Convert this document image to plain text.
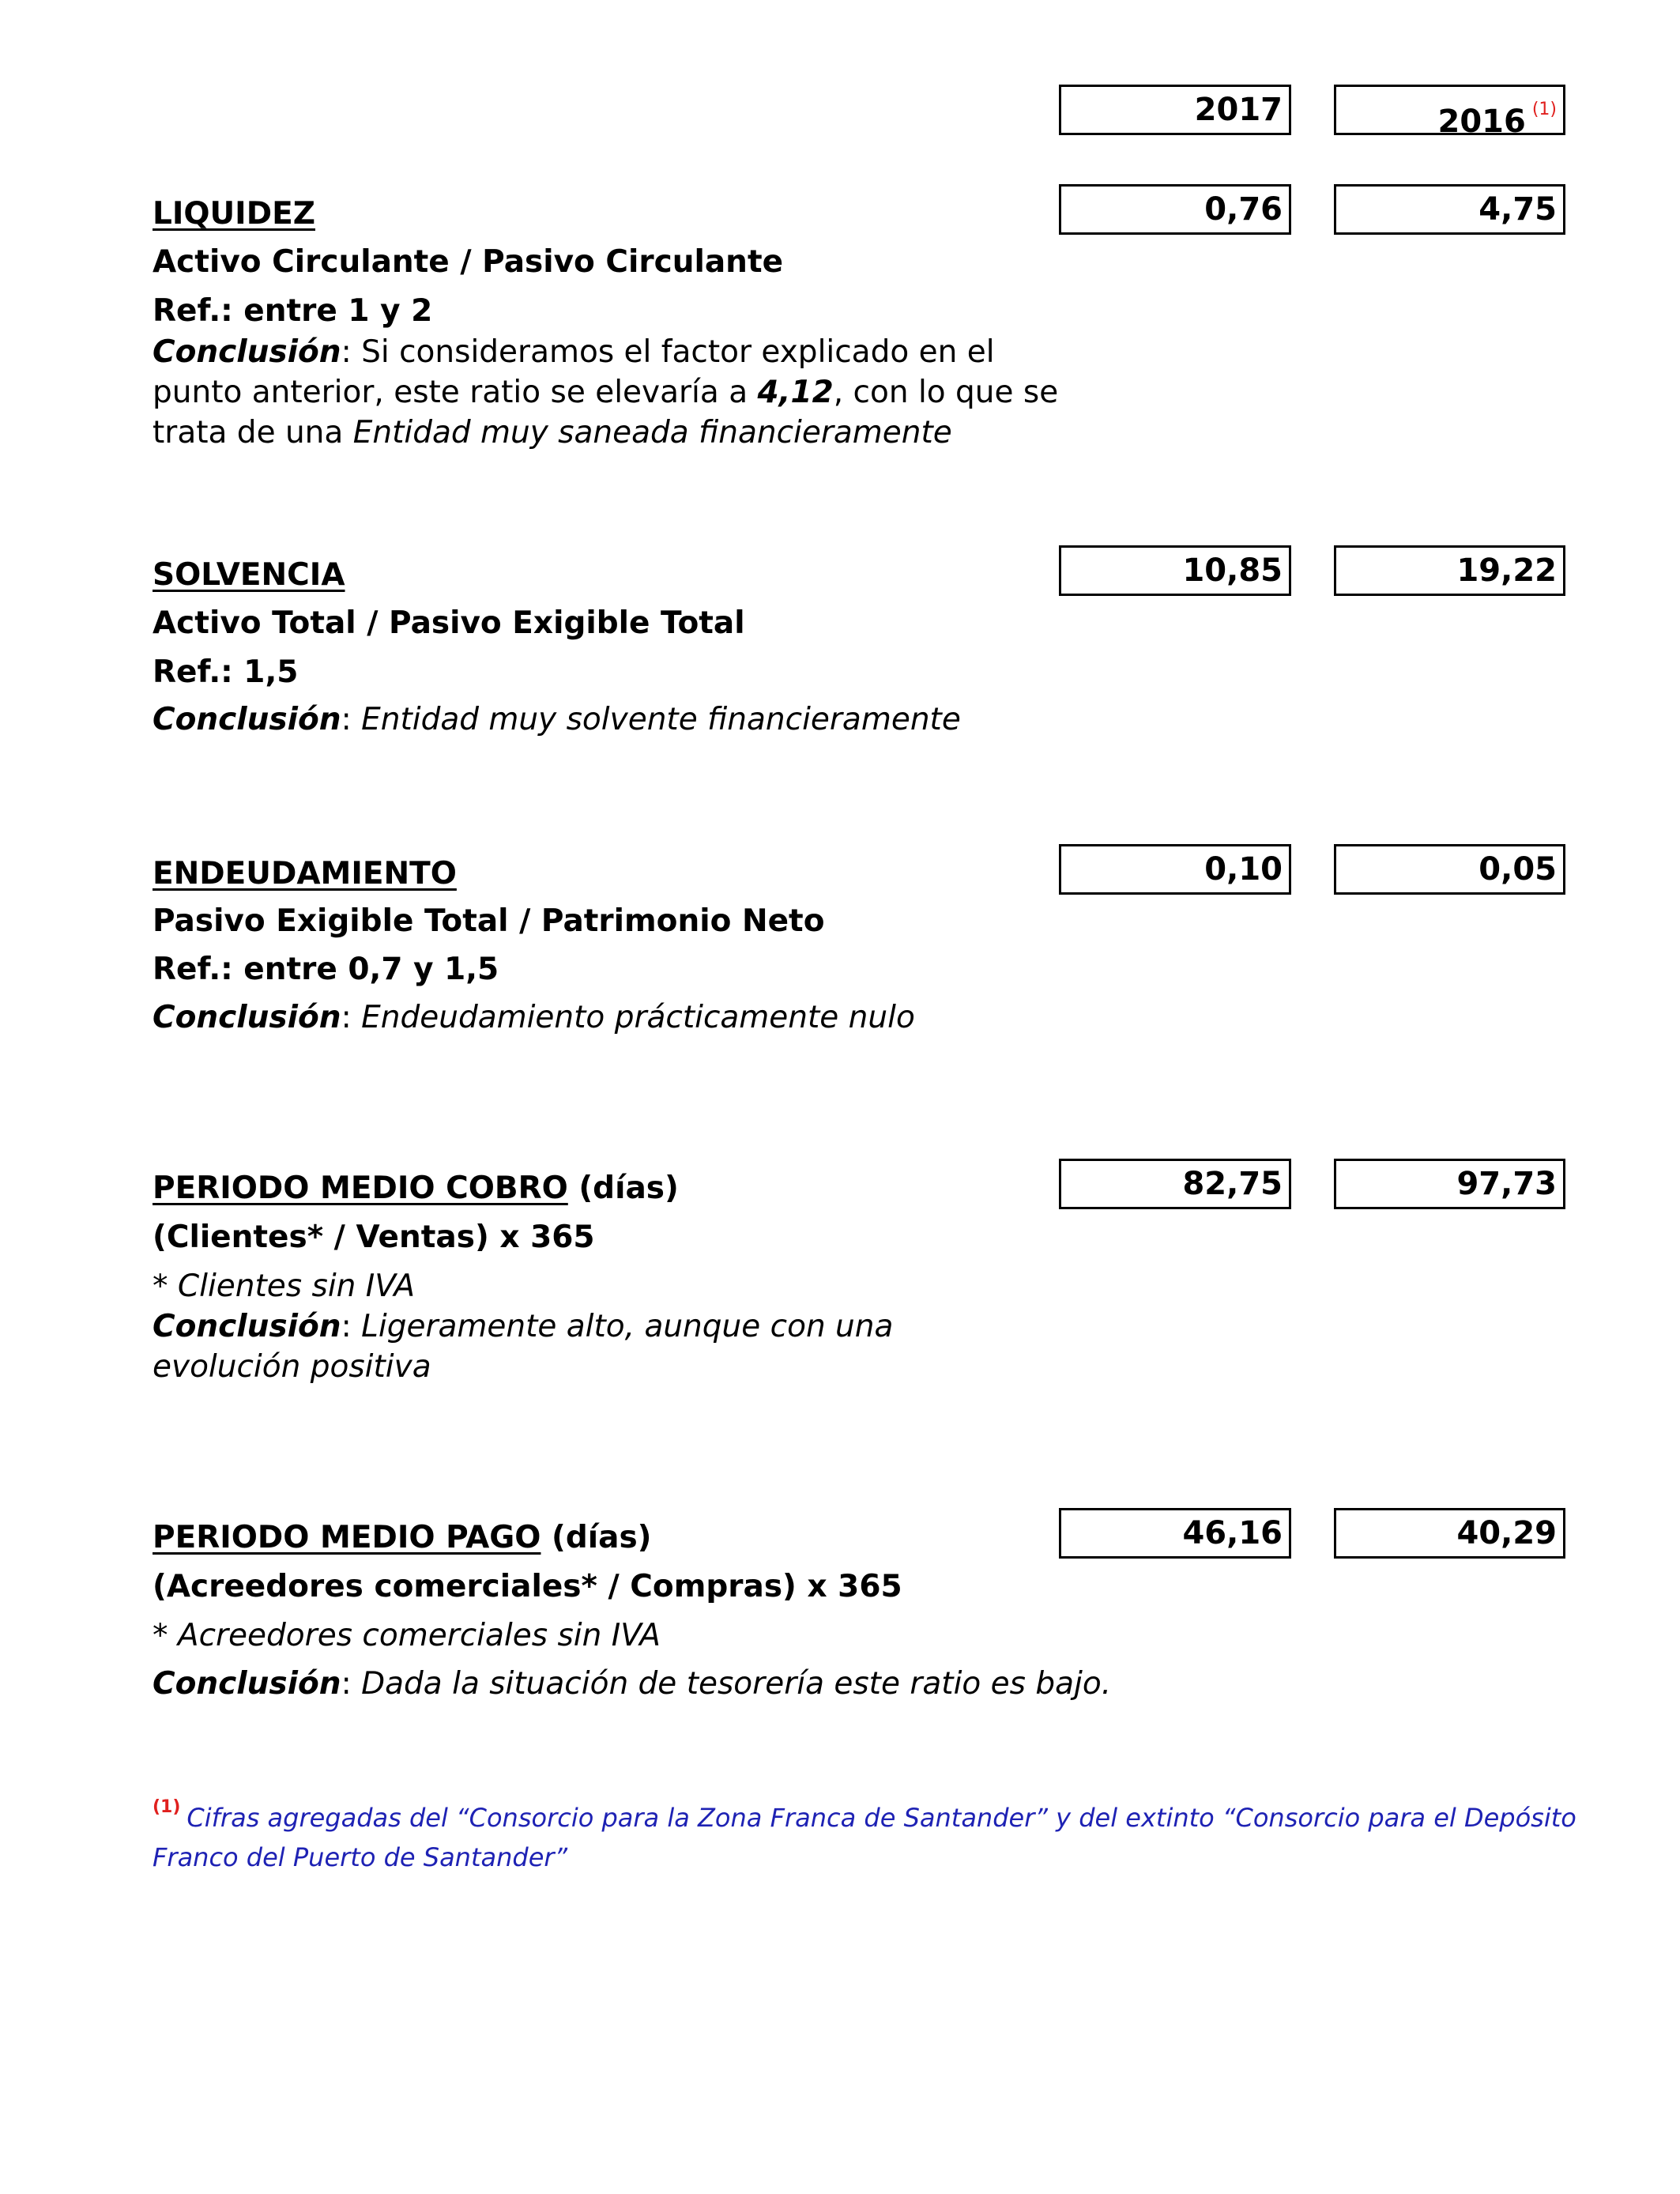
2017	2016 $^{(1)}$
LIQUIDEZ	0,76	4,75
Activo Circulante / Pasivo Circulante
Ref.: entre 1 y 2
Conclusión: Si consideramos el factor explicado en el punto anterior, este ratio se elevaría a 4,12, con lo que se trata de una Entidad muy saneada financieramente
SOLVENCIA	10,85	19,22
Activo Total / Pasivo Exigible Total
Ref.: 1,5
Conclusión: Entidad muy solvente financieramente
ENDEUDAMIENTO	0,10	0,05
Pasivo Exigible Total / Patrimonio Neto
Ref.: entre 0,7 y 1,5
Conclusión: Endeudamiento prácticamente nulo
PERIODO MEDIO COBRO (días)	82,75	97,73
(Clientes* / Ventas) x 365
* Clientes sin IVA
Conclusión: Ligeramente alto, aunque con una evolución positiva
PERIODO MEDIO PAGO (días)	46,16	40,29
(Acreedores comerciales* / Compras) x 365
* Acreedores comerciales sin IVA
Conclusión: Dada la situación de tesorería este ratio es bajo.
$^{(1)}$ Cifras agregadas del “Consorcio para la Zona Franca de Santander” y del extinto “Consorcio para el Depósito Franco del Puerto de Santander”
